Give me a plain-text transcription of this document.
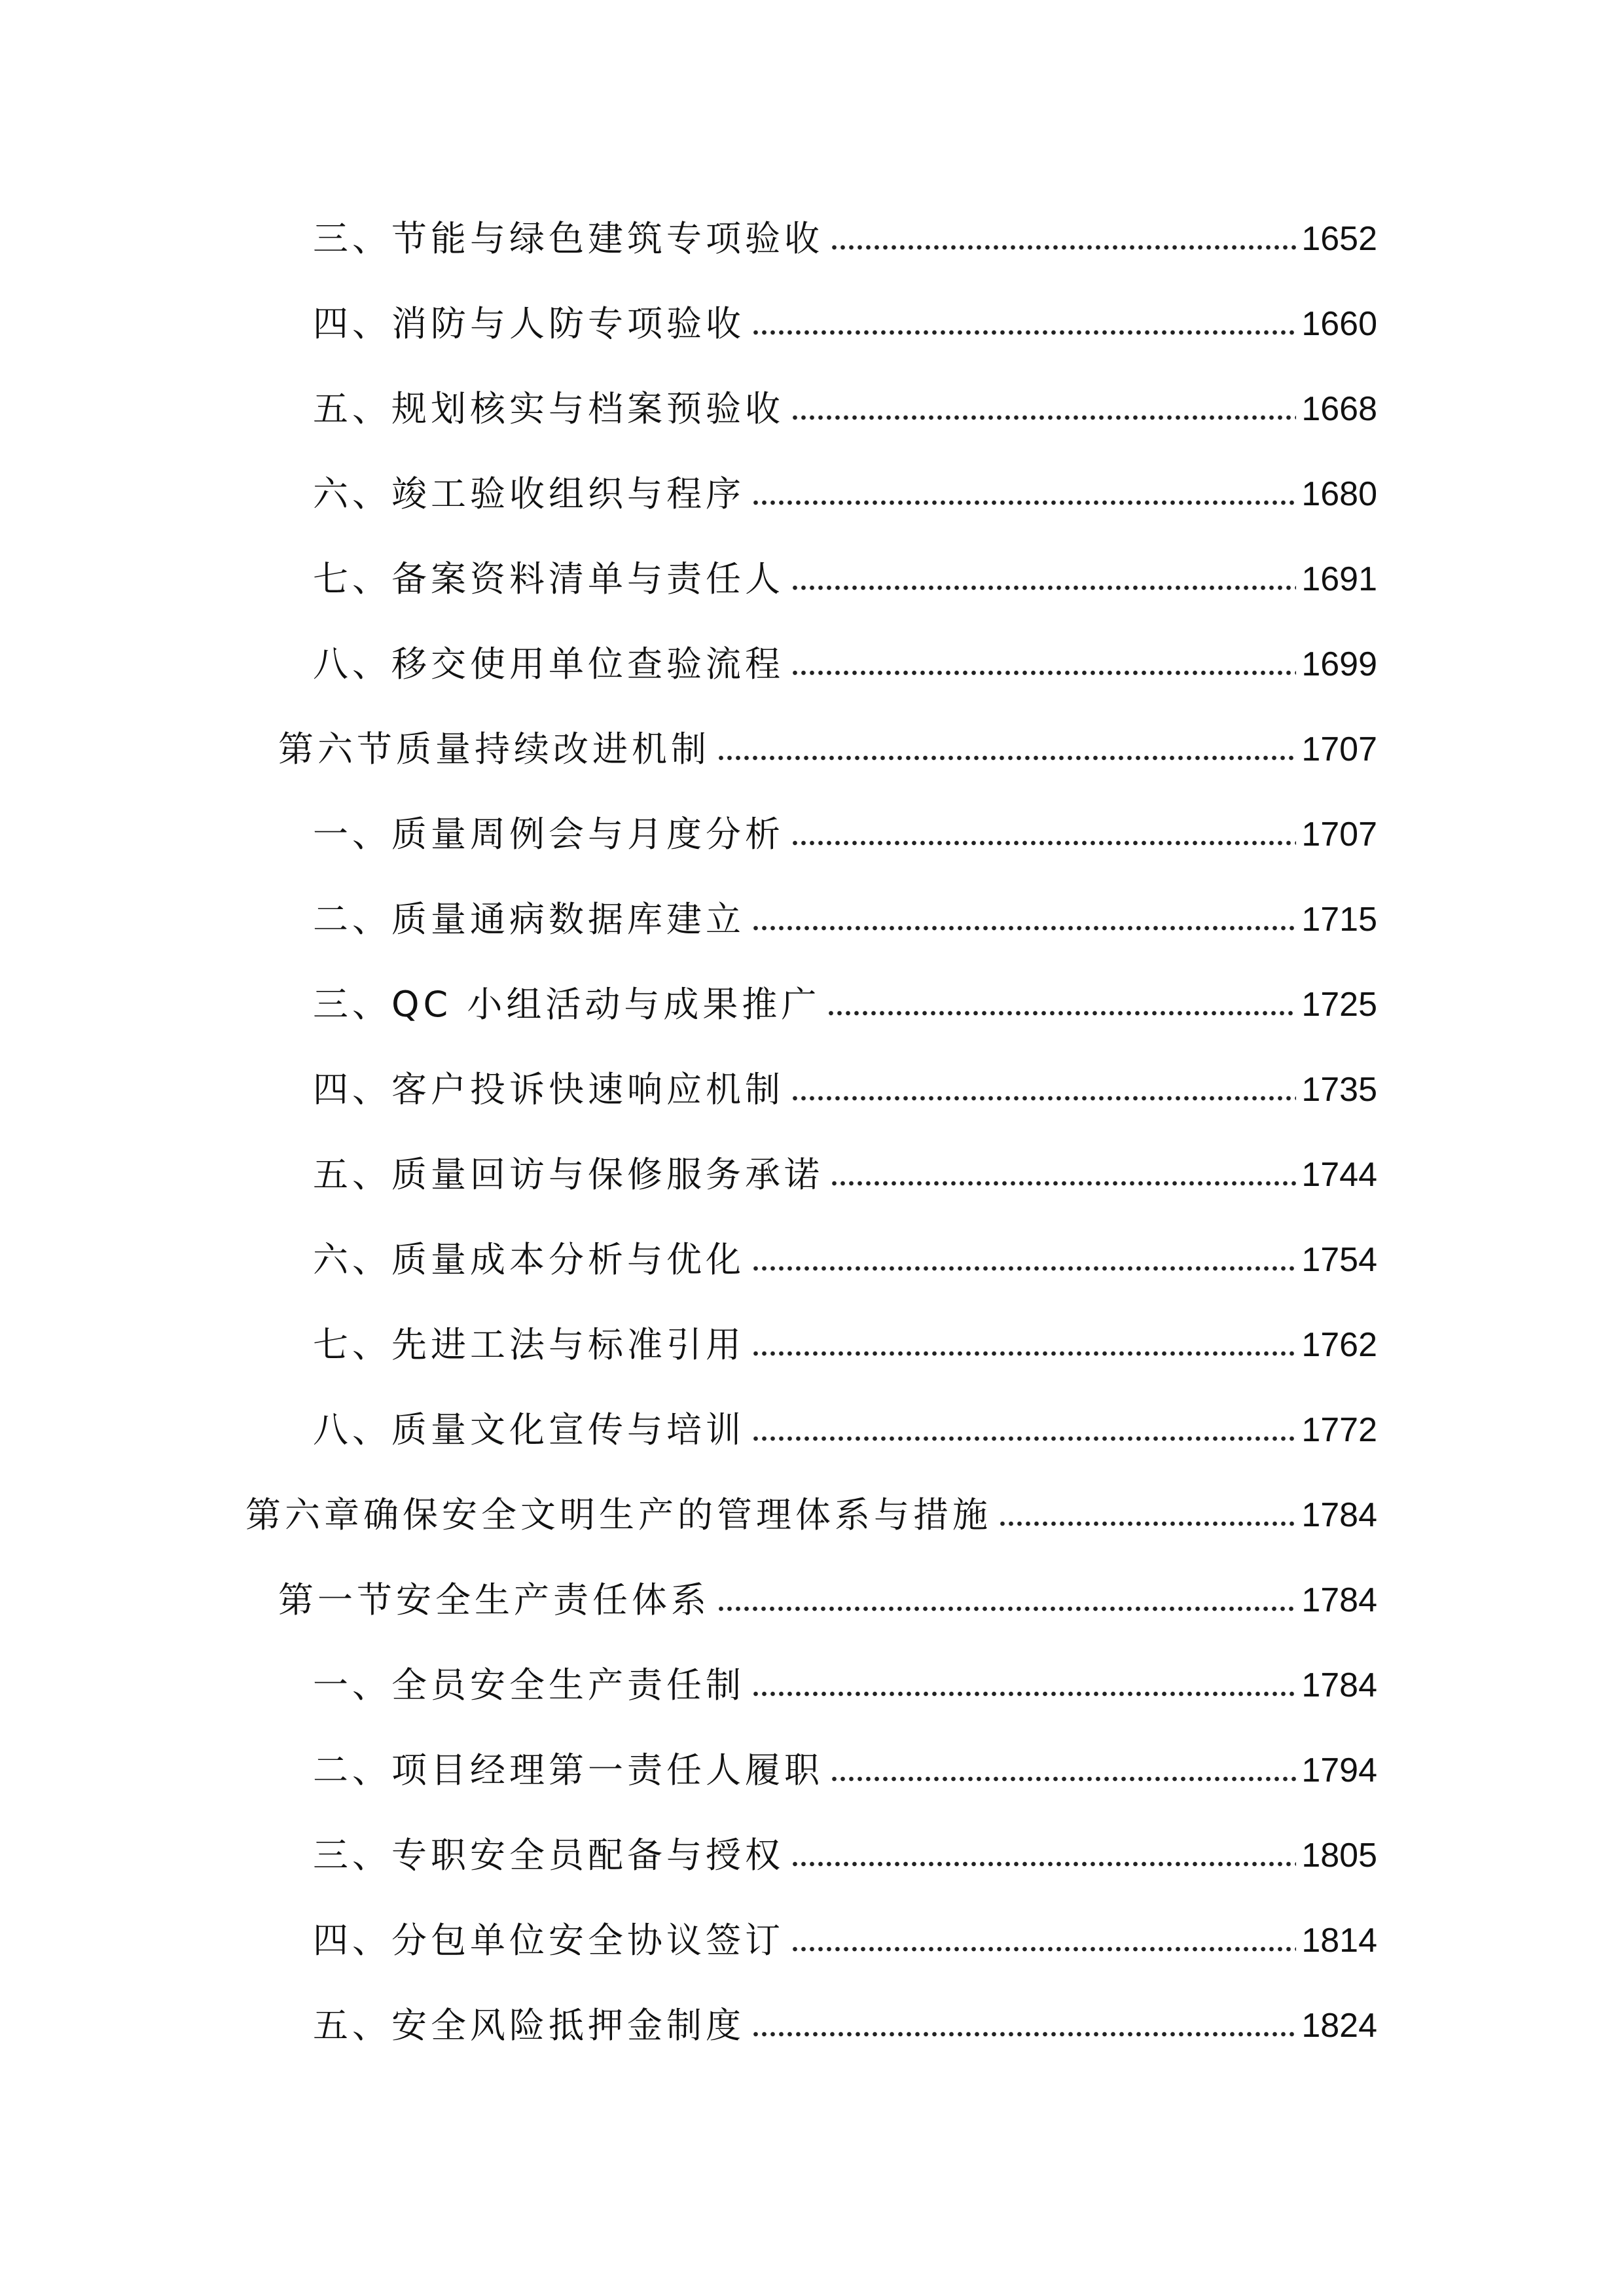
三、节能与绿色建筑专项验收	1652
四、消防与人防专项验收	1660
五、规划核实与档案预验收	1668
六、竣工验收组织与程序	1680
七、备案资料清单与责任人	1691
八、移交使用单位查验流程	1699
第六节质量持续改进机制	1707
一、质量周例会与月度分析	1707
二、质量通病数据库建立	1715
三、QC 小组活动与成果推广	1725
四、客户投诉快速响应机制	1735
五、质量回访与保修服务承诺	1744
六、质量成本分析与优化	1754
七、先进工法与标准引用	1762
八、质量文化宣传与培训	1772
第六章确保安全文明生产的管理体系与措施	1784
第一节安全生产责任体系	1784
一、全员安全生产责任制	1784
二、项目经理第一责任人履职	1794
三、专职安全员配备与授权	1805
四、分包单位安全协议签订	1814
五、安全风险抵押金制度	1824
